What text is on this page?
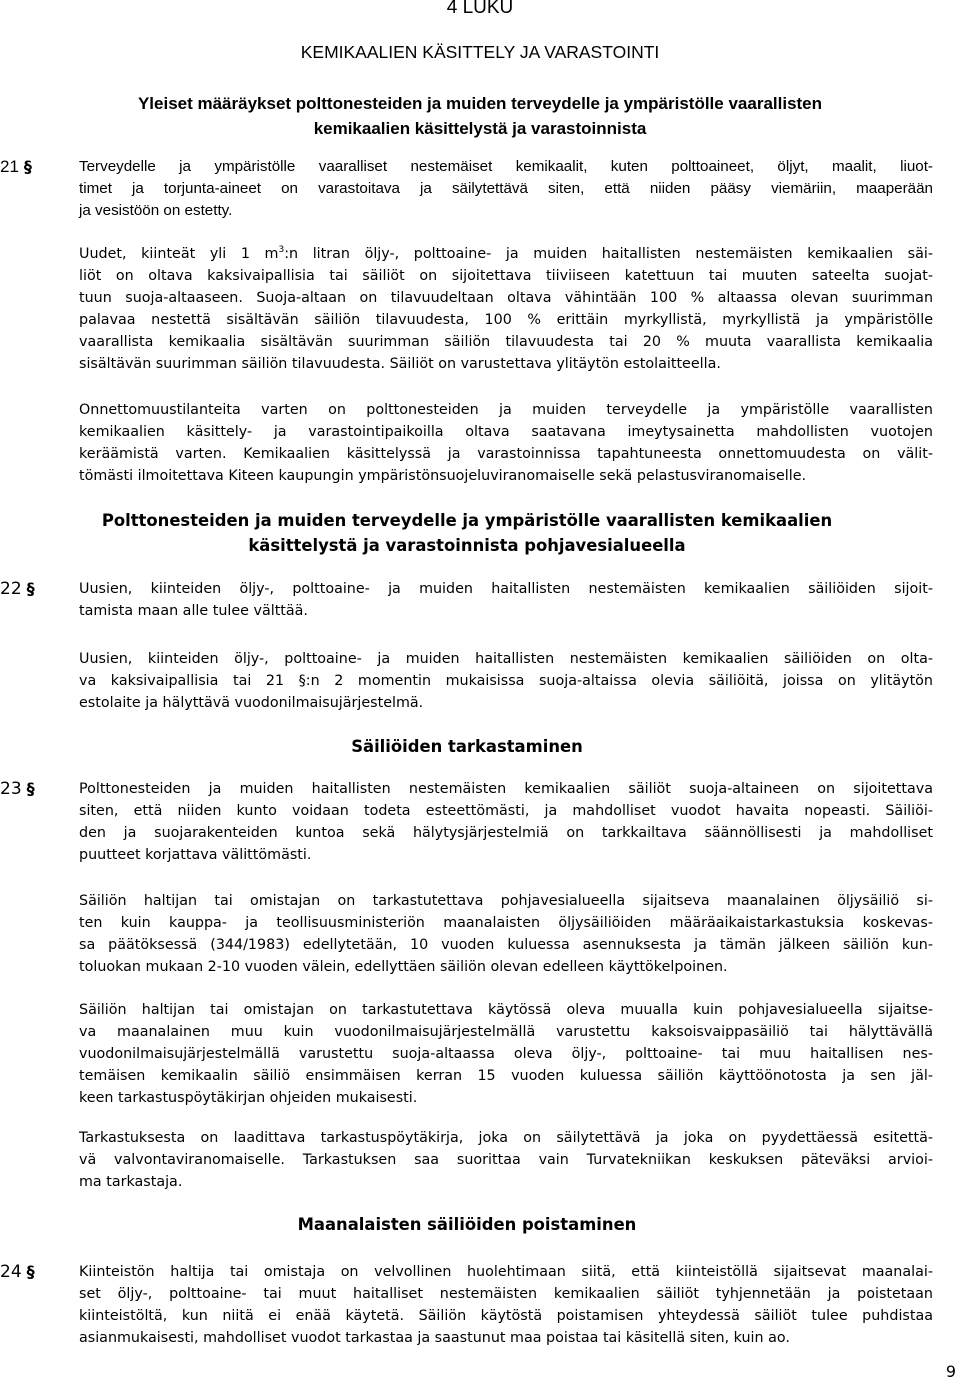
4 LUKU
KEMIKAALIEN KÄSITTELY JA VARASTOINTI
Yleiset määräykset polttonesteiden ja muiden terveydelle ja ympäristölle vaarallisten
kemikaalien käsittelystä ja varastoinnista
21 §	Terveydelle ja ympäristölle vaaralliset nestemäiset kemikaalit, kuten polttoaineet, öljyt, maalit, liuot-
timet ja torjunta-aineet on varastoitava ja säilytettävä siten, että niiden pääsy viemäriin, maaperään
ja vesistöön on estetty.
Uudet, kiinteät yli 1 $m^3:n$ litran öljy-, polttoaine- ja muiden haitallisten nestemäisten kemikaalien säi-
liöt on oltava kaksivaipallisia tai säiliöt on sijoitettava tiiviiseen katettuun tai muuten sateelta suojat-
tuun suoja-altaaseen. Suoja-altaan on tilavuudeltaan oltava vähintään 100 % altaassa olevan suurimman
palavaa nestettä sisältävän säiliön tilavuudesta, 100 % erittäin myrkyllistä, myrkyllistä ja ympäristölle
vaarallista kemikaalia sisältävän suurimman säiliön tilavuudesta tai 20 % muuta vaarallista kemikaalia
sisältävän suurimman säiliön tilavuudesta. Säiliöt on varustettava ylitäytön estolaitteella.
Onnettomuustilanteita varten on polttonesteiden ja muiden terveydelle ja ympäristölle vaarallisten
kemikaalien käsittely- ja varastointipaikoilla oltava saatavana imeytysainetta mahdollisten vuotojen
keräämistä varten. Kemikaalien käsittelyssä ja varastoinnissa tapahtuneesta onnettomuudesta on välit-
tömästi ilmoitettava Kiteen kaupungin ympäristönsuojeluviranomaiselle sekä pelastusviranomaiselle.
Polttonesteiden ja muiden terveydelle ja ympäristölle vaarallisten kemikaalien
käsittelystä ja varastoinnista pohjavesialueella
22 §	Uusien, kiinteiden öljy-, polttoaine- ja muiden haitallisten nestemäisten kemikaalien säiliöiden sijoit-
tamista maan alle tulee välttää.
Uusien, kiinteiden öljy-, polttoaine- ja muiden haitallisten nestemäisten kemikaalien säiliöiden on olta-
va kaksivaipallisia tai 21 §:n 2 momentin mukaisissa suoja-altaissa olevia säiliöitä, joissa on ylitäytön
estolaite ja hälyttävä vuodonilmaisujärjestelmä.
Säiliöiden tarkastaminen
23 §	Polttonesteiden ja muiden haitallisten nestemäisten kemikaalien säiliöt suoja-altaineen on sijoitettava
siten, että niiden kunto voidaan todeta esteettömästi, ja mahdolliset vuodot havaita nopeasti. Säiliöi-
den ja suojarakenteiden kuntoa sekä hälytysjärjestelmiä on tarkkailtava säännöllisesti ja mahdolliset
puutteet korjattava välittömästi.
Säiliön haltijan tai omistajan on tarkastutettava pohjavesialueella sijaitseva maanalainen öljysäiliö si-
ten kuin kauppa- ja teollisuusministeriön maanalaisten öljysäiliöiden määräaikaistarkastuksia koskevas-
sa päätöksessä (344/1983) edellytetään, 10 vuoden kuluessa asennuksesta ja tämän jälkeen säiliön kun-
toluokan mukaan 2-10 vuoden välein, edellyttäen säiliön olevan edelleen käyttökelpoinen.
Säiliön haltijan tai omistajan on tarkastutettava käytössä oleva muualla kuin pohjavesialueella sijaitse-
va maanalainen muu kuin vuodonilmaisujärjestelmällä varustettu kaksoisvaippasäiliö tai hälyttävällä
vuodonilmaisujärjestelmällä varustettu suoja-altaassa oleva öljy-, polttoaine- tai muu haitallisen nes-
temäisen kemikaalin säiliö ensimmäisen kerran 15 vuoden kuluessa säiliön käyttöönotosta ja sen jäl-
keen tarkastuspöytäkirjan ohjeiden mukaisesti.
Tarkastuksesta on laadittava tarkastuspöytäkirja, joka on säilytettävä ja joka on pyydettäessä esitettä-
vä valvontaviranomaiselle. Tarkastuksen saa suorittaa vain Turvatekniikan keskuksen päteväksi arvioi-
ma tarkastaja.
Maanalaisten säiliöiden poistaminen
24 §	Kiinteistön haltija tai omistaja on velvollinen huolehtimaan siitä, että kiinteistöllä sijaitsevat maanalai-
set öljy-, polttoaine- tai muut haitalliset nestemäisten kemikaalien säiliöt tyhjennetään ja poistetaan
kiinteistöltä, kun niitä ei enää käytetä. Säiliön käytöstä poistamisen yhteydessä säiliöt tulee puhdistaa
asianmukaisesti, mahdolliset vuodot tarkastaa ja saastunut maa poistaa tai käsitellä siten, kuin ao.
9
